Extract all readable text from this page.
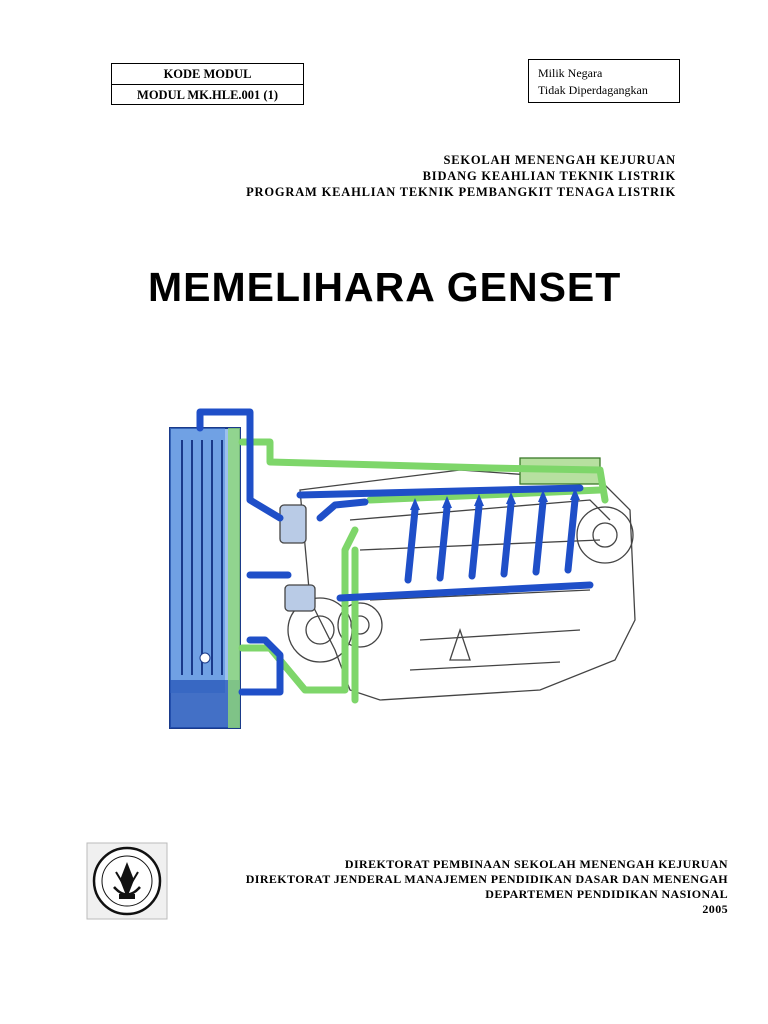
KODE MODUL
MODUL MK.HLE.001 (1)
Milik Negara
Tidak Diperdagangkan
SEKOLAH MENENGAH KEJURUAN
BIDANG KEAHLIAN TEKNIK LISTRIK
PROGRAM KEAHLIAN TEKNIK PEMBANGKIT TENAGA LISTRIK
MEMELIHARA GENSET
DIREKTORAT PEMBINAAN SEKOLAH MENENGAH KEJURUAN
DIREKTORAT JENDERAL MANAJEMEN PENDIDIKAN DASAR DAN MENENGAH
DEPARTEMEN PENDIDIKAN NASIONAL
2005
